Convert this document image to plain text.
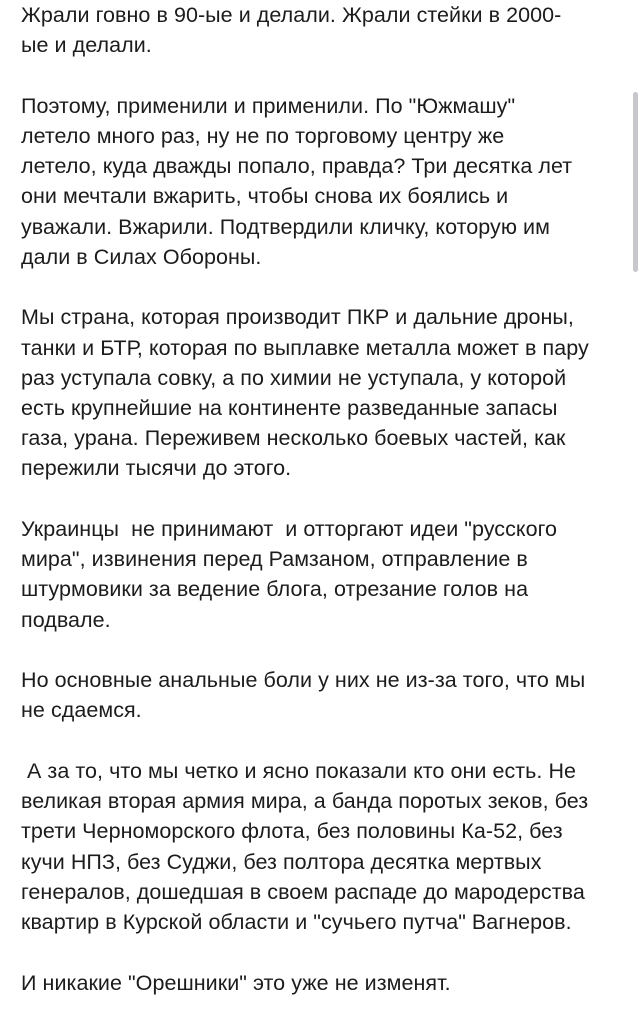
Жрали говно в 90-ые и делали. Жрали стейки в 2000-
ые и делали.

Поэтому, применили и применили. По "Южмашу"
летело много раз, ну не по торговому центру же
летело, куда дважды попало, правда? Три десятка лет
они мечтали вжарить, чтобы снова их боялись и
уважали. Вжарили. Подтвердили кличку, которую им
дали в Силах Обороны.

Мы страна, которая производит ПКР и дальние дроны,
танки и БТР, которая по выплавке металла может в пару
раз уступала совку, а по химии не уступала, у которой
есть крупнейшие на континенте разведанные запасы
газа, урана. Переживем несколько боевых частей, как
пережили тысячи до этого.

Украинцы  не принимают  и отторгают идеи "русского
мира", извинения перед Рамзаном, отправление в
штурмовики за ведение блога, отрезание голов на
подвале.

Но основные анальные боли у них не из-за того, что мы
не сдаемся.

А за то, что мы четко и ясно показали кто они есть. Не
великая вторая армия мира, а банда поротых зеков, без
трети Черноморского флота, без половины Ка-52, без
кучи НПЗ, без Суджи, без полтора десятка мертвых
генералов, дошедшая в своем распаде до мародерства
квартир в Курской области и "сучьего путча" Вагнеров.

И никакие "Орешники" это уже не изменят.
